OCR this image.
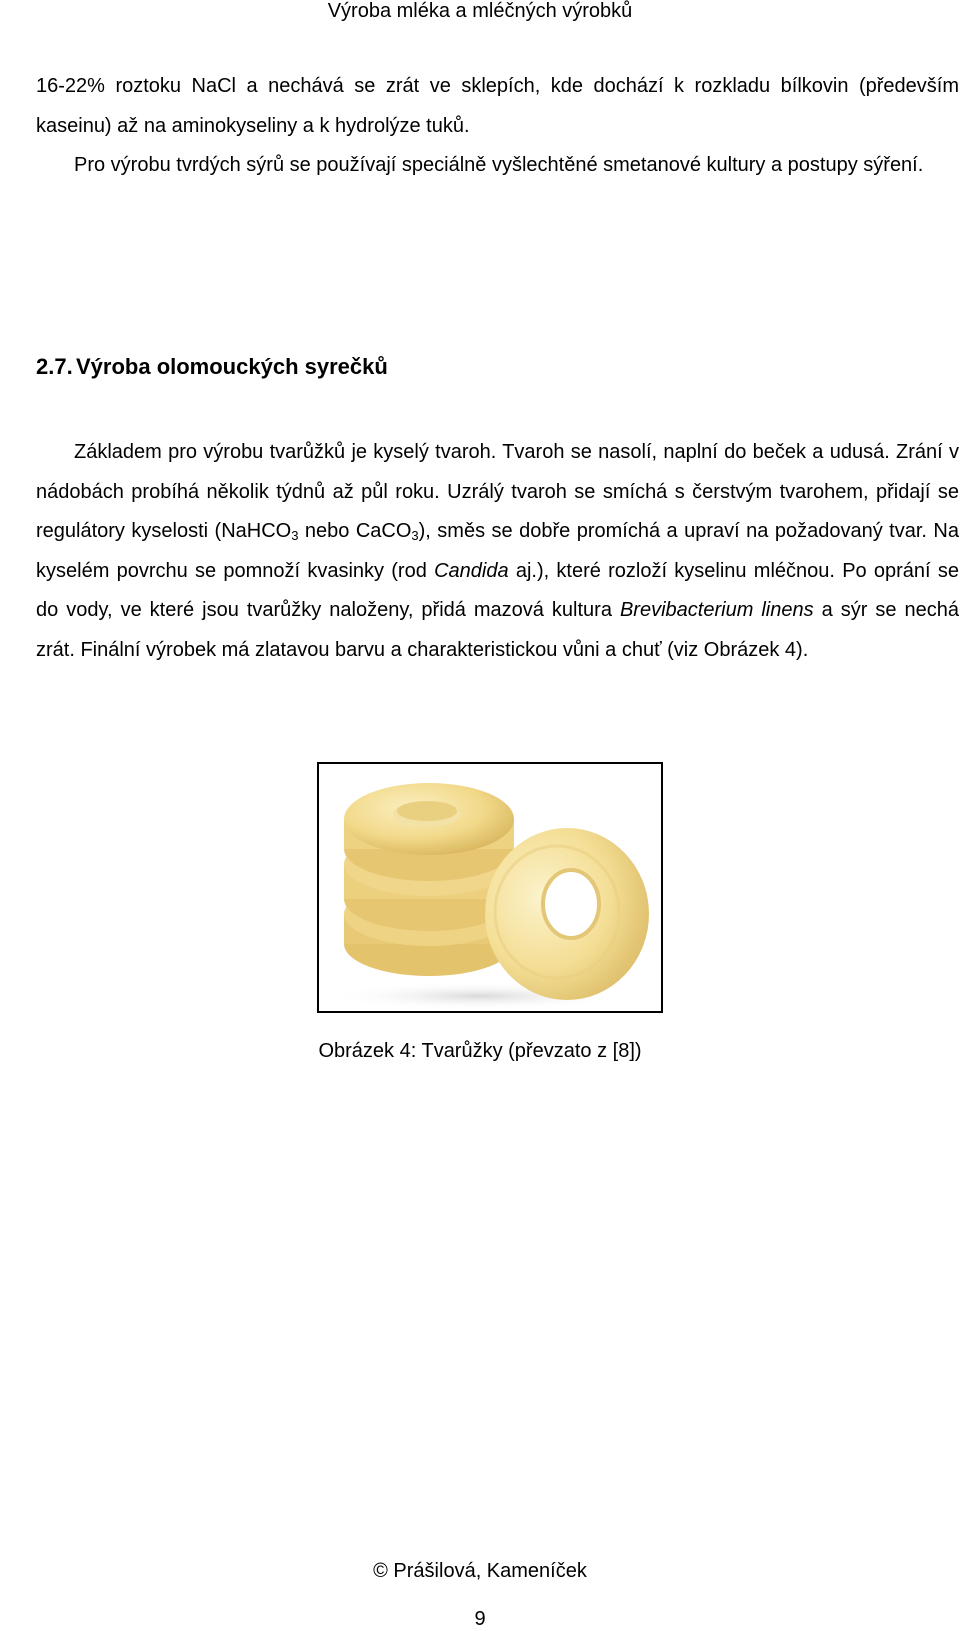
Výroba mléka a mléčných výrobků

16-22% roztoku NaCl a nechává se zrát ve sklepích, kde dochází k rozkladu bílkovin (především kaseinu) až na aminokyseliny a k hydrolýze tuků.

Pro výrobu tvrdých sýrů se používají speciálně vyšlechtěné smetanové kultury a postupy sýření.

2.7. Výroba olomouckých syrečků

Základem pro výrobu tvarůžků je kyselý tvaroh. Tvaroh se nasolí, naplní do beček a udusá. Zrání v nádobách probíhá několik týdnů až půl roku. Uzrálý tvaroh se smíchá s čerstvým tvarohem, přidají se regulátory kyselosti (NaHCO$_3$ nebo CaCO$_3$), směs se dobře promíchá a upraví na požadovaný tvar. Na kyselém povrchu se pomnoží kvasinky (rod Candida aj.), které rozloží kyselinu mléčnou. Po oprání se do vody, ve které jsou tvarůžky naloženy, přidá mazová kultura Brevibacterium linens a sýr se nechá zrát. Finální výrobek má zlatavou barvu a charakteristickou vůni a chuť (viz Obrázek 4).

Obrázek 4: Tvarůžky (převzato z [8])
© Prášilová, Kameníček
9
